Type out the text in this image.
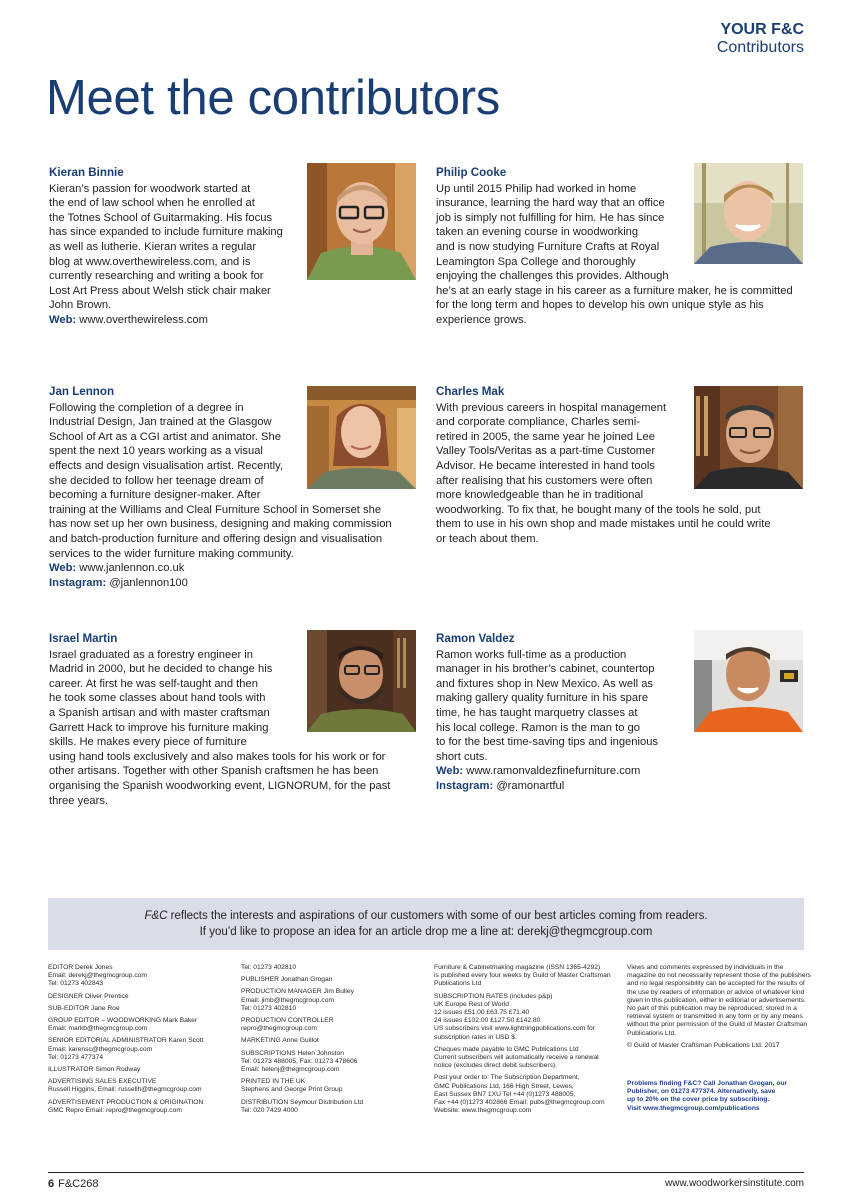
YOUR F&C
Contributors
Meet the contributors
Kieran Binnie
Kieran’s passion for woodwork started at
the end of law school when he enrolled at
the Totnes School of Guitarmaking. His focus
has since expanded to include furniture making
as well as lutherie. Kieran writes a regular
blog at www.overthewireless.com, and is
currently researching and writing a book for
Lost Art Press about Welsh stick chair maker
John Brown.
Web: www.overthewireless.com
Philip Cooke
Up until 2015 Philip had worked in home
insurance, learning the hard way that an office
job is simply not fulfilling for him. He has since
taken an evening course in woodworking
and is now studying Furniture Crafts at Royal
Leamington Spa College and thoroughly
enjoying the challenges this provides. Although
he’s at an early stage in his career as a furniture maker, he is committed
for the long term and hopes to develop his own unique style as his
experience grows.
Jan Lennon
Following the completion of a degree in
Industrial Design, Jan trained at the Glasgow
School of Art as a CGI artist and animator. She
spent the next 10 years working as a visual
effects and design visualisation artist. Recently,
she decided to follow her teenage dream of
becoming a furniture designer-maker. After
training at the Williams and Cleal Furniture School in Somerset she
has now set up her own business, designing and making commission
and batch-production furniture and offering design and visualisation
services to the wider furniture making community.
Web: www.janlennon.co.uk
Instagram: @janlennon100
Charles Mak
With previous careers in hospital management
and corporate compliance, Charles semi-
retired in 2005, the same year he joined Lee
Valley Tools/Veritas as a part-time Customer
Advisor. He became interested in hand tools
after realising that his customers were often
more knowledgeable than he in traditional
woodworking. To fix that, he bought many of the tools he sold, put
them to use in his own shop and made mistakes until he could write
or teach about them.
Israel Martin
Israel graduated as a forestry engineer in
Madrid in 2000, but he decided to change his
career. At first he was self-taught and then
he took some classes about hand tools with
a Spanish artisan and with master craftsman
Garrett Hack to improve his furniture making
skills. He makes every piece of furniture
using hand tools exclusively and also makes tools for his work or for
other artisans. Together with other Spanish craftsmen he has been
organising the Spanish woodworking event, LIGNORUM, for the past
three years.
Ramon Valdez
Ramon works full-time as a production
manager in his brother’s cabinet, countertop
and fixtures shop in New Mexico. As well as
making gallery quality furniture in his spare
time, he has taught marquetry classes at
his local college. Ramon is the man to go
to for the best time-saving tips and ingenious
short cuts.
Web: www.ramonvaldezfinefurniture.com
Instagram: @ramonartful
F&C reflects the interests and aspirations of our customers with some of our best articles coming from readers.
If you’d like to propose an idea for an article drop me a line at: derekj@thegmcgroup.com
EDITOR Derek Jones
Email: derekj@thegmcgroup.com
Tel: 01273 402843
DESIGNER Oliver Prentice
SUB-EDITOR Jane Roe
GROUP EDITOR – WOODWORKING Mark Baker
Email: markb@thegmcgroup.com
SENIOR EDITORIAL ADMINISTRATOR Karen Scott
Email: karensc@thegmcgroup.com
Tel: 01273 477374
ILLUSTRATOR Simon Rodway
ADVERTISING SALES EXECUTIVE
Russell Higgins, Email: russellh@thegmcgroup.com
ADVERTISEMENT PRODUCTION & ORIGINATION
GMC Repro Email: repro@thegmcgroup.com
Tel: 01273 402810
PUBLISHER Jonathan Grogan
PRODUCTION MANAGER Jim Bulley
Email: jimb@thegmcgroup.com
Tel: 01273 402810
PRODUCTION CONTROLLER
repro@thegmcgroup.com
MARKETING Anne Guillot
SUBSCRIPTIONS Helen Johnston
Tel: 01273 488005, Fax: 01273 478606
Email: helenj@thegmcgroup.com
PRINTED IN THE UK
Stephens and George Print Group
DISTRIBUTION Seymour Distribution Ltd
Tel: 020 7429 4000
Furniture & Cabinetmaking magazine (ISSN 1365-4292)
is published every four weeks by Guild of Master Craftsman
Publications Ltd
SUBSCRIPTION RATES (includes p&p)
UK Europe Rest of World
12 issues £51.00 £63.75 £71.40
24 issues £102.00 £127.50 £142.80
US subscribers visit www.lightningpublications.com for
subscription rates in USD $.
Cheques made payable to GMC Publications Ltd
Current subscribers will automatically receive a renewal
notice (excludes direct debit subscribers).
Post your order to: The Subscription Department,
GMC Publications Ltd, 166 High Street, Lewes,
East Sussex BN7 1XU Tel +44 (0)1273 488005,
Fax +44 (0)1273 402866 Email: pubs@thegmcgroup.com
Website: www.thegmcgroup.com
Views and comments expressed by individuals in the
magazine do not necessarily represent those of the publishers
and no legal responsibility can be accepted for the results of
the use by readers of information or advice of whatever kind
given in this publication, either in editorial or advertisements.
No part of this publication may be reproduced, stored in a
retrieval system or transmitted in any form or by any means
without the prior permission of the Guild of Master Craftsman
Publications Ltd.
© Guild of Master Craftsman Publications Ltd. 2017
Problems finding F&C? Call Jonathan Grogan, our
Publisher, on 01273 477374. Alternatively, save
up to 20% on the cover price by subscribing.
Visit www.thegmcgroup.com/publications
6 F&C268	www.woodworkersinstitute.com
